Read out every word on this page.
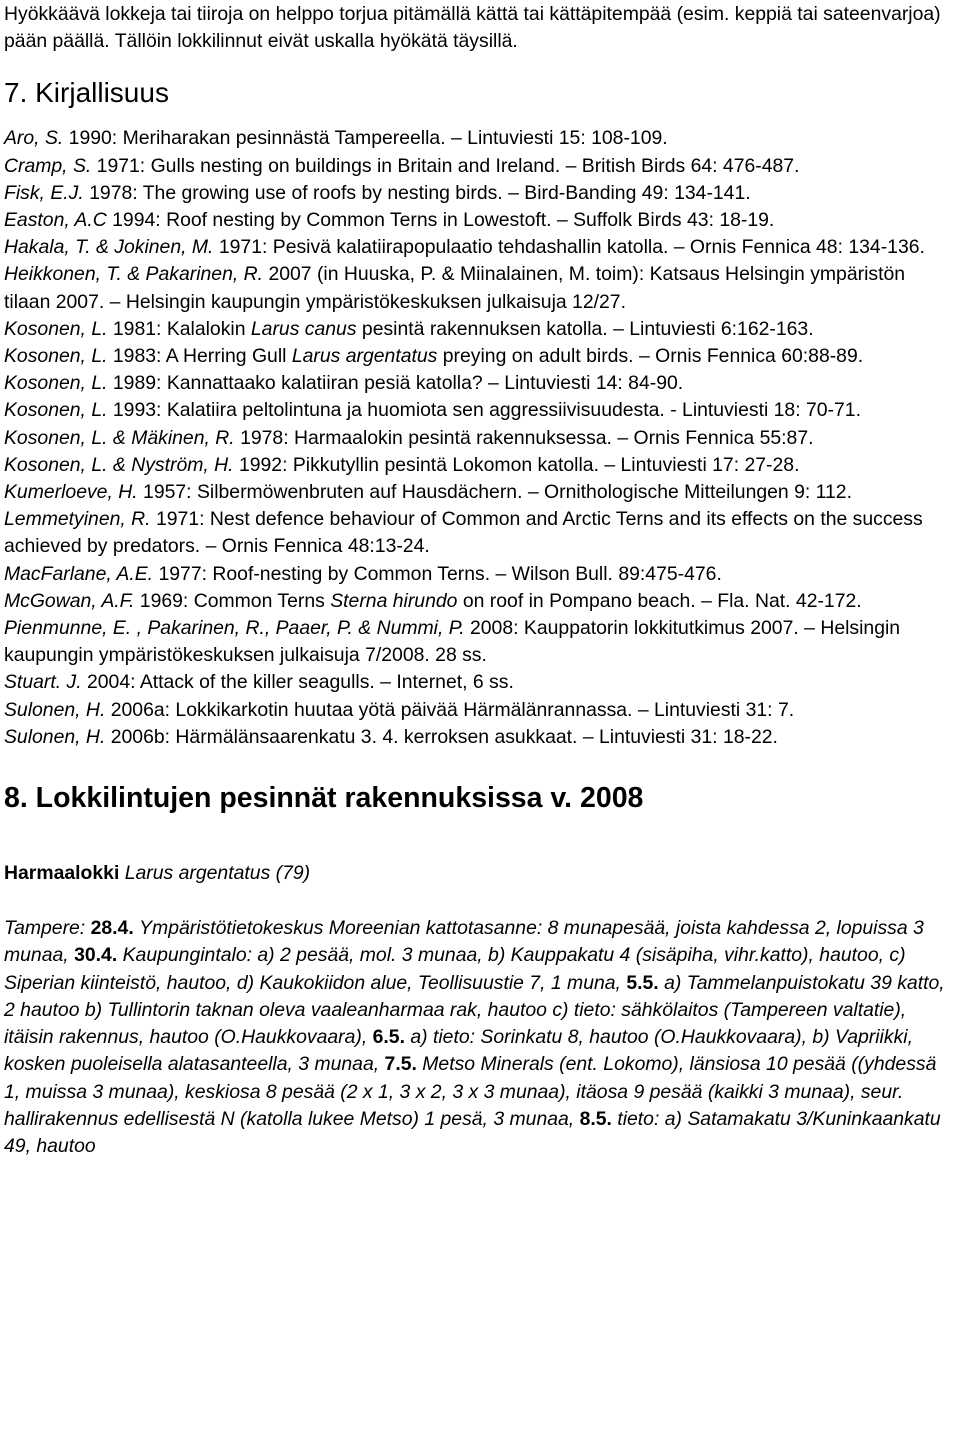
Hyökkäävä lokkeja tai tiiroja on helppo torjua pitämällä kättä tai kättäpitempää (esim. keppiä tai sateenvarjoa) pään päällä. Tällöin lokkilinnut eivät uskalla hyökätä täysillä.

7. Kirjallisuus

Aro, S. 1990: Meriharakan pesinnästä Tampereella. – Lintuviesti 15: 108-109.

Cramp, S. 1971: Gulls nesting on buildings in Britain and Ireland. – British Birds 64: 476-487.

Fisk, E.J. 1978: The growing use of roofs by nesting birds. – Bird-Banding 49: 134-141.

Easton, A.C 1994: Roof nesting by Common Terns in Lowestoft. – Suffolk Birds 43: 18-19.

Hakala, T. & Jokinen, M. 1971: Pesivä kalatiirapopulaatio tehdashallin katolla. – Ornis Fennica 48: 134-136.

Heikkonen, T. & Pakarinen, R. 2007 (in Huuska, P. & Miinalainen, M. toim): Katsaus Helsingin ympäristön tilaan 2007. – Helsingin kaupungin ympäristökeskuksen julkaisuja 12/27.

Kosonen, L. 1981: Kalalokin Larus canus pesintä rakennuksen katolla. – Lintuviesti 6:162-163.

Kosonen, L. 1983: A Herring Gull Larus argentatus preying on adult birds. – Ornis Fennica 60:88-89.

Kosonen, L. 1989: Kannattaako kalatiiran pesiä katolla? – Lintuviesti 14: 84-90.

Kosonen, L. 1993: Kalatiira peltolintuna ja huomiota sen aggressiivisuudesta. - Lintuviesti 18: 70-71.

Kosonen, L. & Mäkinen, R. 1978: Harmaalokin pesintä rakennuksessa. – Ornis Fennica 55:87.

Kosonen, L. & Nyström, H. 1992: Pikkutyllin pesintä Lokomon katolla. – Lintuviesti 17: 27-28.

Kumerloeve, H. 1957: Silbermöwenbruten auf Hausdächern. – Ornithologische Mitteilungen 9: 112.

Lemmetyinen, R. 1971: Nest defence behaviour of Common and Arctic Terns and its effects on the success achieved by predators. – Ornis Fennica 48:13-24.

MacFarlane, A.E. 1977: Roof-nesting by Common Terns. – Wilson Bull. 89:475-476.

McGowan, A.F. 1969: Common Terns Sterna hirundo on roof in Pompano beach. – Fla. Nat. 42-172.

Pienmunne, E. , Pakarinen, R., Paaer, P. & Nummi, P. 2008: Kauppatorin lokkitutkimus 2007. – Helsingin kaupungin ympäristökeskuksen julkaisuja 7/2008. 28 ss.

Stuart. J. 2004: Attack of the killer seagulls. – Internet, 6 ss.

Sulonen, H. 2006a: Lokkikarkotin huutaa yötä päivää Härmälänrannassa. – Lintuviesti 31: 7.

Sulonen, H. 2006b: Härmälänsaarenkatu 3. 4. kerroksen asukkaat. – Lintuviesti 31: 18-22.

8. Lokkilintujen pesinnät rakennuksissa v. 2008

Harmaalokki Larus argentatus (79)

Tampere: 28.4. Ympäristötietokeskus Moreenian kattotasanne: 8 munapesää, joista kahdessa 2, lopuissa 3 munaa, 30.4. Kaupungintalo: a) 2 pesää, mol. 3 munaa, b) Kauppakatu 4 (sisäpiha, vihr.katto), hautoo, c) Siperian kiinteistö, hautoo, d) Kaukokiidon alue, Teollisuustie 7, 1 muna, 5.5. a) Tammelanpuistokatu 39 katto, 2 hautoo b) Tullintorin taknan oleva vaaleanharmaa rak, hautoo c) tieto: sähkölaitos (Tampereen valtatie), itäisin rakennus, hautoo (O.Haukkovaara), 6.5. a) tieto: Sorinkatu 8, hautoo (O.Haukkovaara), b) Vapriikki, kosken puoleisella alatasanteella, 3 munaa, 7.5. Metso Minerals (ent. Lokomo), länsiosa 10 pesää ((yhdessä 1, muissa 3 munaa), keskiosa 8 pesää (2 x 1, 3 x 2, 3 x 3 munaa), itäosa 9 pesää (kaikki 3 munaa), seur. hallirakennus edellisestä N (katolla lukee Metso) 1 pesä, 3 munaa, 8.5. tieto: a) Satamakatu 3/Kuninkaankatu 49, hautoo
